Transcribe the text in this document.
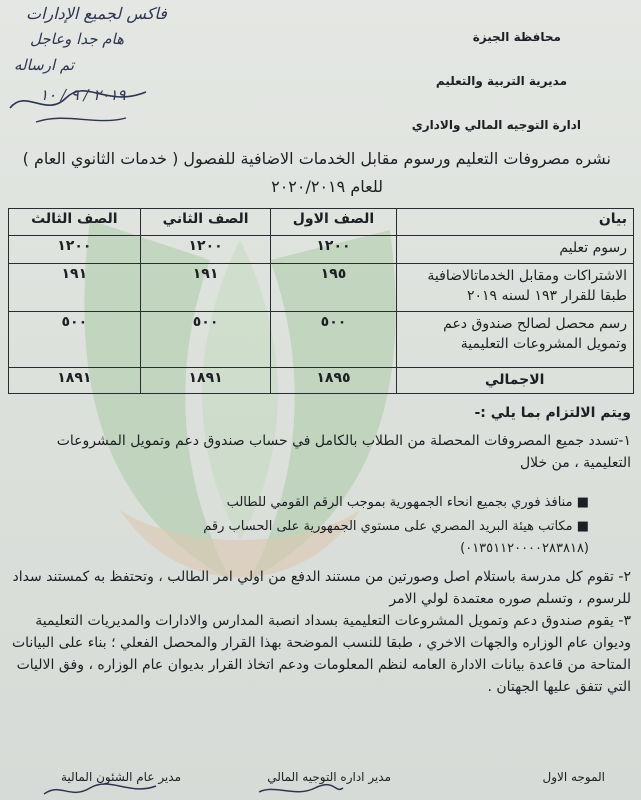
فاكس لجميع الإدارات
هام جدا وعاجل
تم ارساله
٢٠١٩ / ٩ / ١٠
محافظة الجيزة
مديرية التربية والتعليم
ادارة التوجيه المالي والاداري
نشره مصروفات التعليم ورسوم مقابل الخدمات الاضافية للفصول ( خدمات الثانوي العام )
للعام ٢٠٢٠/٢٠١٩
بيان	الصف الاول	الصف الثاني	الصف الثالث
رسوم تعليم	١٢٠٠	١٢٠٠	١٢٠٠
الاشتراكات ومقابل الخدماتالاضافية طبقا للقرار ١٩٣ لسنه ٢٠١٩	١٩٥	١٩١	١٩١
رسم محصل لصالح صندوق دعم وتمويل المشروعات التعليمية	٥٠٠	٥٠٠	٥٠٠
الاجمالي	١٨٩٥	١٨٩١	١٨٩١
ويتم الالتزام بما يلي :-
١-تسدد جميع المصروفات المحصلة من الطلاب بالكامل في حساب صندوق دعم وتمويل المشروعات التعليمية ، من خلال
■ منافذ فوري بجميع انحاء الجمهورية بموجب الرقم القومي للطالب
■ مكاتب هيئة البريد المصري على مستوي الجمهورية على الحساب رقم (٠١٣٥١١٢٠٠٠٠٢٨٣٨١٨)
٢- تقوم كل مدرسة باستلام اصل وصورتين من مستند الدفع من اولي امر الطالب ، وتحتفظ به كمستند سداد للرسوم ، وتسلم صوره معتمدة لولي الامر
٣- يقوم صندوق دعم وتمويل المشروعات التعليمية بسداد انصبة المدارس والادارات والمديريات التعليمية وديوان عام الوزاره والجهات الاخري ، طبقا للنسب الموضحة بهذا القرار والمحصل الفعلي ؛ بناء على البيانات المتاحة من قاعدة بيانات الادارة العامه لنظم المعلومات ودعم اتخاذ القرار بديوان عام الوزاره ، وفق الاليات التي تتفق عليها الجهتان .
الموجه الاول
مدير اداره التوجيه المالي
مدير عام الشئون المالية
